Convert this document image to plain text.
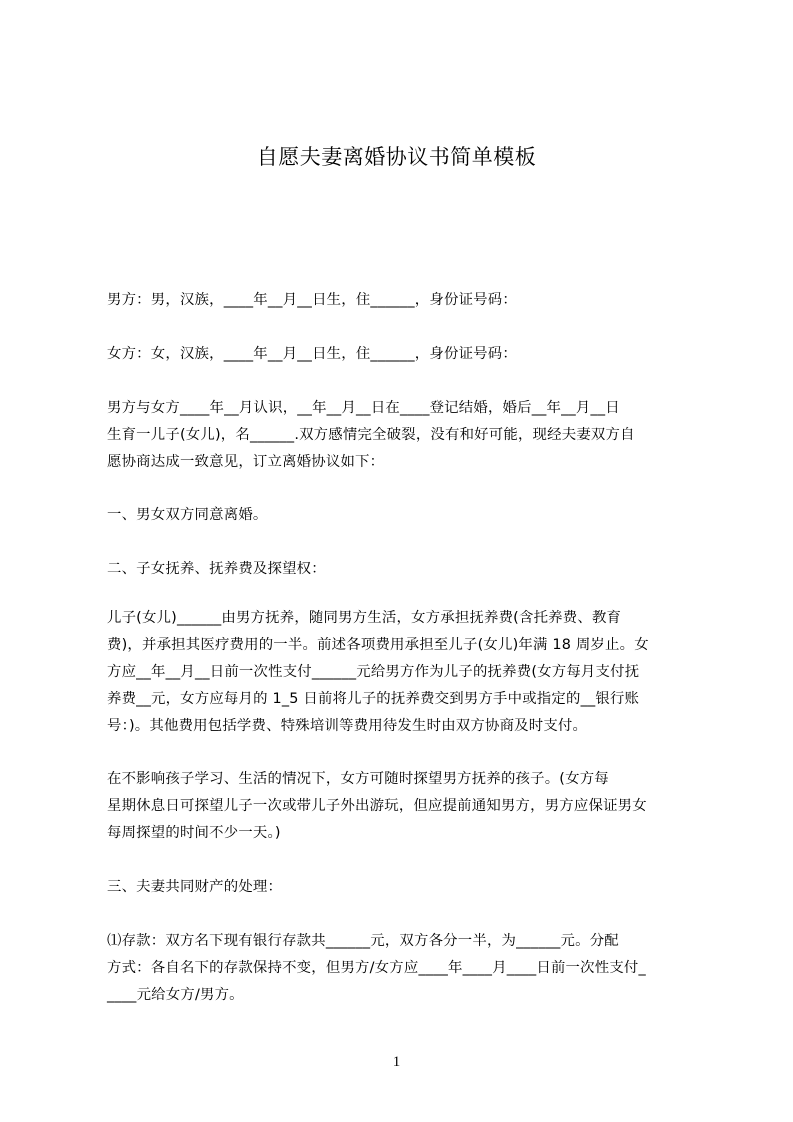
自愿夫妻离婚协议书简单模板
男方：男，汉族，____年__月__日生，住______，身份证号码：
女方：女，汉族，____年__月__日生，住______，身份证号码：
男方与女方____年__月认识，__年__月__日在____登记结婚，婚后__年__月__日
生育一儿子(女儿)，名______.双方感情完全破裂，没有和好可能，现经夫妻双方自
愿协商达成一致意见，订立离婚协议如下：
一、男女双方同意离婚。
二、子女抚养、抚养费及探望权：
儿子(女儿)______由男方抚养，随同男方生活，女方承担抚养费(含托养费、教育
费)，并承担其医疗费用的一半。前述各项费用承担至儿子(女儿)年满 18 周岁止。女
方应__年__月__日前一次性支付______元给男方作为儿子的抚养费(女方每月支付抚
养费__元，女方应每月的 1_5 日前将儿子的抚养费交到男方手中或指定的__银行账
号：)。其他费用包括学费、特殊培训等费用待发生时由双方协商及时支付。
在不影响孩子学习、生活的情况下，女方可随时探望男方抚养的孩子。(女方每
星期休息日可探望儿子一次或带儿子外出游玩，但应提前通知男方，男方应保证男女
每周探望的时间不少一天。)
三、夫妻共同财产的处理：
⑴存款：双方名下现有银行存款共______元，双方各分一半，为______元。分配
方式：各自名下的存款保持不变，但男方/女方应____年____月____日前一次性支付_
____元给女方/男方。
1
